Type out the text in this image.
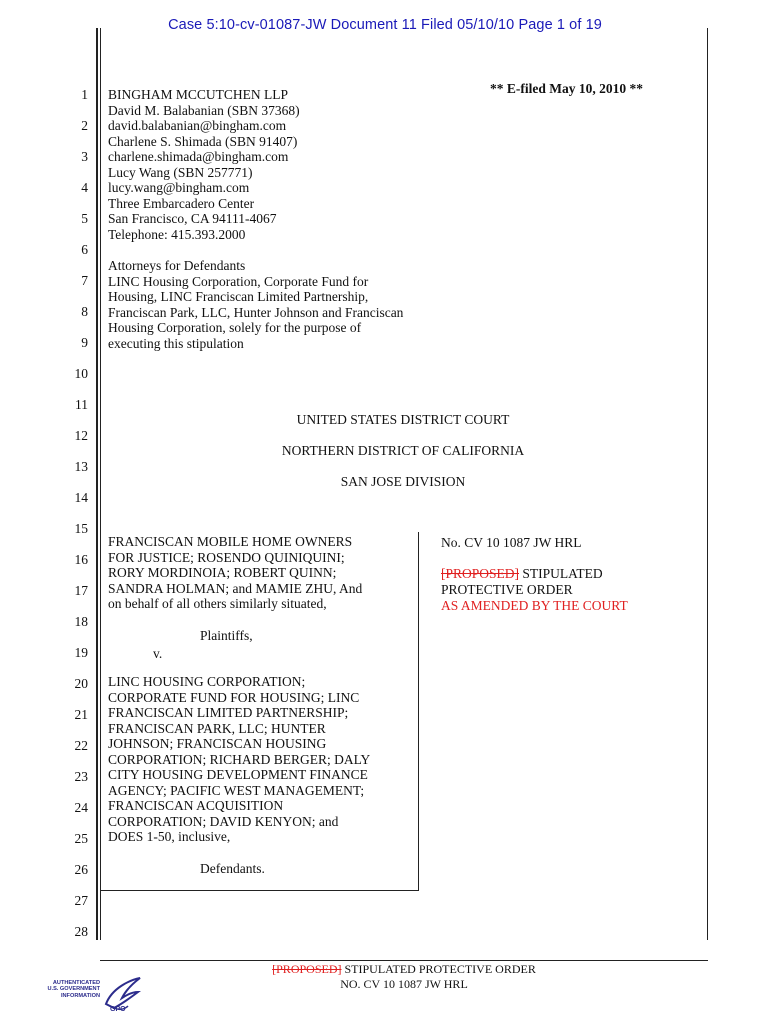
Case 5:10-cv-01087-JW Document 11 Filed 05/10/10 Page 1 of 19
1
2
3
4
5
6
7
8
9
10
11
12
13
14
15
16
17
18
19
20
21
22
23
24
25
26
27
28
** E-filed May 10, 2010 **
BINGHAM MCCUTCHEN LLP
David M. Balabanian (SBN 37368)
david.balabanian@bingham.com
Charlene S. Shimada (SBN 91407)
charlene.shimada@bingham.com
Lucy Wang (SBN 257771)
lucy.wang@bingham.com
Three Embarcadero Center
San Francisco, CA 94111-4067
Telephone: 415.393.2000
Attorneys for Defendants
LINC Housing Corporation, Corporate Fund for
Housing, LINC Franciscan Limited Partnership,
Franciscan Park, LLC, Hunter Johnson and Franciscan
Housing Corporation, solely for the purpose of
executing this stipulation
UNITED STATES DISTRICT COURT
NORTHERN DISTRICT OF CALIFORNIA
SAN JOSE DIVISION
FRANCISCAN MOBILE HOME OWNERS
FOR JUSTICE; ROSENDO QUINIQUINI;
RORY MORDINOIA; ROBERT QUINN;
SANDRA HOLMAN; and MAMIE ZHU, And
on behalf of all others similarly situated,
Plaintiffs,
v.
LINC HOUSING CORPORATION;
CORPORATE FUND FOR HOUSING; LINC
FRANCISCAN LIMITED PARTNERSHIP;
FRANCISCAN PARK, LLC; HUNTER
JOHNSON; FRANCISCAN HOUSING
CORPORATION; RICHARD BERGER; DALY
CITY HOUSING DEVELOPMENT FINANCE
AGENCY; PACIFIC WEST MANAGEMENT;
FRANCISCAN ACQUISITION
CORPORATION; DAVID KENYON; and
DOES 1-50, inclusive,
Defendants.
No. CV 10 1087 JW HRL
[PROPOSED] STIPULATED
PROTECTIVE ORDER
AS AMENDED BY THE COURT
[PROPOSED] STIPULATED PROTECTIVE ORDER
NO. CV 10 1087 JW HRL
AUTHENTICATED
U.S. GOVERNMENT
INFORMATION
GPO
